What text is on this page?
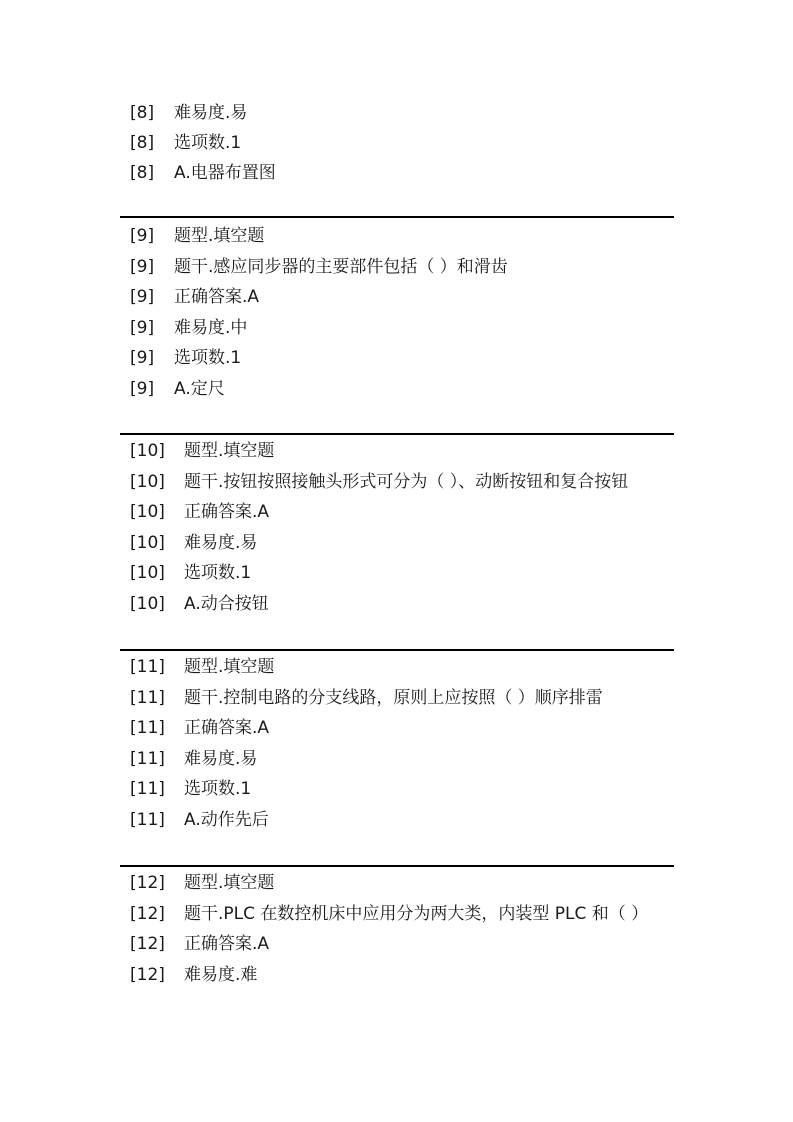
[8] 难易度.易
[8] 选项数.1
[8] A.电器布置图
[9] 题型.填空题
[9] 题干.感应同步器的主要部件包括（ ）和滑齿
[9] 正确答案.A
[9] 难易度.中
[9] 选项数.1
[9] A.定尺
[10] 题型.填空题
[10] 题干.按钮按照接触头形式可分为（ ）、动断按钮和复合按钮
[10] 正确答案.A
[10] 难易度.易
[10] 选项数.1
[10] A.动合按钮
[11] 题型.填空题
[11] 题干.控制电路的分支线路，原则上应按照（ ）顺序排雷
[11] 正确答案.A
[11] 难易度.易
[11] 选项数.1
[11] A.动作先后
[12] 题型.填空题
[12] 题干.PLC 在数控机床中应用分为两大类，内装型 PLC 和（ ）
[12] 正确答案.A
[12] 难易度.难
